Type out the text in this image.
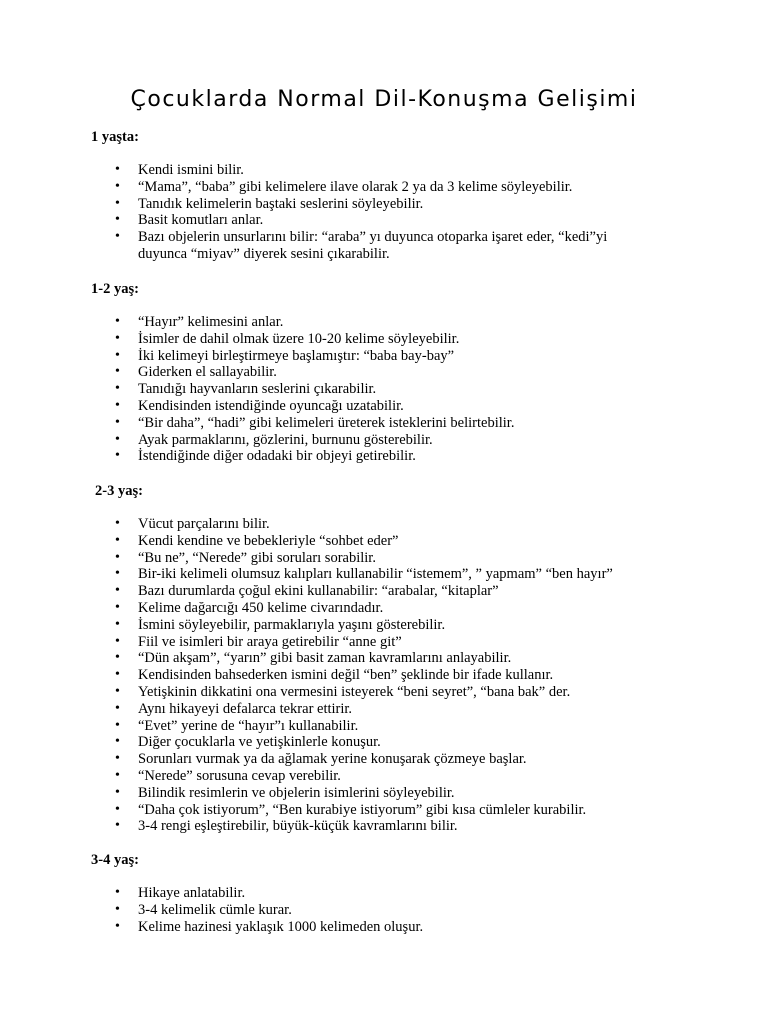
Çocuklarda Normal Dil-Konuşma Gelişimi

1 yaşta:

• Kendi ismini bilir.
• “Mama”, “baba” gibi kelimelere ilave olarak 2 ya da 3 kelime söyleyebilir.
• Tanıdık kelimelerin baştaki seslerini söyleyebilir.
• Basit komutları anlar.
• Bazı objelerin unsurlarını bilir: “araba” yı duyunca otoparka işaret eder, “kedi”yi duyunca “miyav” diyerek sesini çıkarabilir.

1-2 yaş:

• “Hayır” kelimesini anlar.
• İsimler de dahil olmak üzere 10-20 kelime söyleyebilir.
• İki kelimeyi birleştirmeye başlamıştır: “baba bay-bay”
• Giderken el sallayabilir.
• Tanıdığı hayvanların seslerini çıkarabilir.
• Kendisinden istendiğinde oyuncağı uzatabilir.
• “Bir daha”, “hadi” gibi kelimeleri üreterek isteklerini belirtebilir.
• Ayak parmaklarını, gözlerini, burnunu gösterebilir.
• İstendiğinde diğer odadaki bir objeyi getirebilir.

2-3 yaş:

• Vücut parçalarını bilir.
• Kendi kendine ve bebekleriyle “sohbet eder”
• “Bu ne”, “Nerede” gibi soruları sorabilir.
• Bir-iki kelimeli olumsuz kalıpları kullanabilir “istemem”, ” yapmam” “ben hayır”
• Bazı durumlarda çoğul ekini kullanabilir: “arabalar, “kitaplar”
• Kelime dağarcığı 450 kelime civarındadır.
• İsmini söyleyebilir, parmaklarıyla yaşını gösterebilir.
• Fiil ve isimleri bir araya getirebilir “anne git”
• “Dün akşam”, “yarın” gibi basit zaman kavramlarını anlayabilir.
• Kendisinden bahsederken ismini değil “ben” şeklinde bir ifade kullanır.
• Yetişkinin dikkatini ona vermesini isteyerek “beni seyret”, “bana bak” der.
• Aynı hikayeyi defalarca tekrar ettirir.
• “Evet” yerine de “hayır”ı kullanabilir.
• Diğer çocuklarla ve yetişkinlerle konuşur.
• Sorunları vurmak ya da ağlamak yerine konuşarak çözmeye başlar.
• “Nerede” sorusuna cevap verebilir.
• Bilindik resimlerin ve objelerin isimlerini söyleyebilir.
• “Daha çok istiyorum”, “Ben kurabiye istiyorum” gibi kısa cümleler kurabilir.
• 3-4 rengi eşleştirebilir, büyük-küçük kavramlarını bilir.

3-4 yaş:

• Hikaye anlatabilir.
• 3-4 kelimelik cümle kurar.
• Kelime hazinesi yaklaşık 1000 kelimeden oluşur.
